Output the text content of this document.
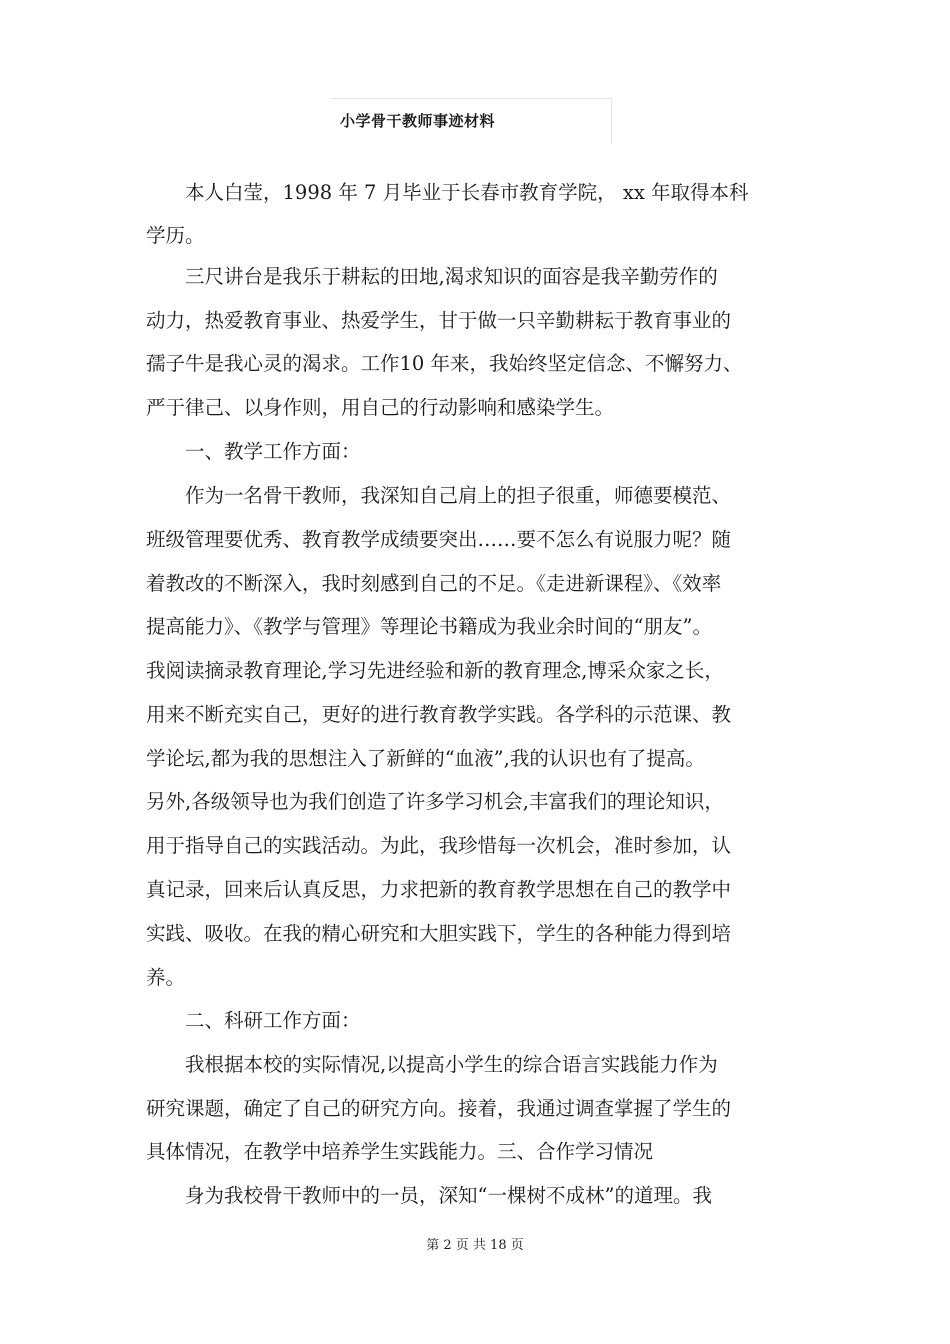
小学骨干教师事迹材料
　　本人白莹，1998 年 7 月毕业于长春市教育学院， xx 年取得本科
学历。
　　三尺讲台是我乐于耕耘的田地,渴求知识的面容是我辛勤劳作的
动力，热爱教育事业、热爱学生，甘于做一只辛勤耕耘于教育事业的
孺子牛是我心灵的渴求。工作10 年来，我始终坚定信念、不懈努力、
严于律己、以身作则，用自己的行动影响和感染学生。
　　一、教学工作方面：
　　作为一名骨干教师，我深知自己肩上的担子很重，师德要模范、
班级管理要优秀、教育教学成绩要突出……要不怎么有说服力呢？随
着教改的不断深入，我时刻感到自己的不足。《走进新课程》、《效率
提高能力》、《教学与管理》等理论书籍成为我业余时间的“朋友”。
我阅读摘录教育理论,学习先进经验和新的教育理念,博采众家之长，
用来不断充实自己，更好的进行教育教学实践。各学科的示范课、教
学论坛,都为我的思想注入了新鲜的“血液”,我的认识也有了提高。
另外,各级领导也为我们创造了许多学习机会,丰富我们的理论知识，
用于指导自己的实践活动。为此，我珍惜每一次机会，准时参加，认
真记录，回来后认真反思，力求把新的教育教学思想在自己的教学中
实践、吸收。在我的精心研究和大胆实践下，学生的各种能力得到培
养。
　　二、科研工作方面：
　　我根据本校的实际情况,以提高小学生的综合语言实践能力作为
研究课题，确定了自己的研究方向。接着，我通过调查掌握了学生的
具体情况，在教学中培养学生实践能力。三、合作学习情况
　　身为我校骨干教师中的一员，深知“一棵树不成林”的道理。我
第 2 页 共 18 页
